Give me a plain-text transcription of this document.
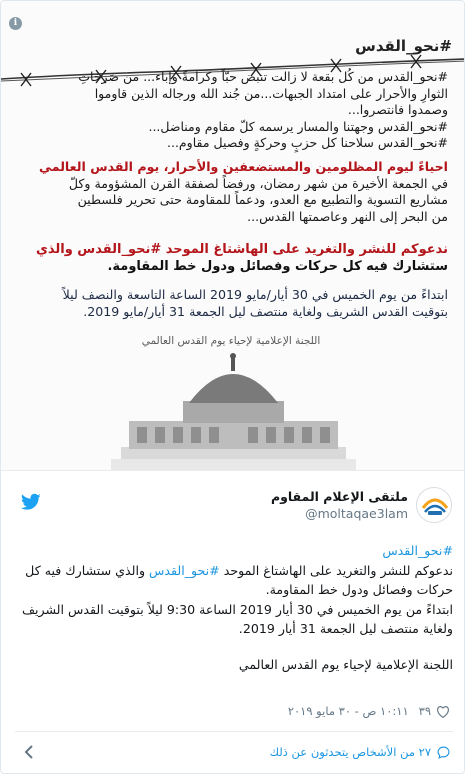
i
#نحو_القدس
#نحو_القدس من كُل بقعة لا زالت تنبض حبّاً وكرامةً وإباء... من صَرخاتِ
الثوارِ والأحرار على امتداد الجبهات...من جُند الله ورجاله الذين قاوموا
وصمدوا فانتصروا...
#نحو_القدس وجهتنا والمسار يرسمه كلّ مقاوم ومناضل...
#نحو_القدس سلاحنا كل حزبٍ وحركةٍ وفصيل مقاوم...
احياءً ليوم المظلومين والمستضعفين والأحرار، يوم القدس العالمي
في الجمعة الأخيرة من شهر رمضان، ورفضاً لصفقة القرن المشؤومة وكلّ
مشاريع التسوية والتطبيع مع العدو، ودعماً للمقاومة حتى تحرير فلسطين
من البحر إلى النهر وعاصمتها القدس...
ندعوكم للنشر والتغريد على الهاشتاغ الموحد #نحو_القدس والذي
ستشارك فيه كل حركات وفصائل ودول خط المقاومة.
ابتداءً من يوم الخميس في 30 أيار/مايو 2019 الساعة التاسعة والنصف ليلاً
بتوقيت القدس الشريف ولغاية منتصف ليل الجمعة 31 أيار/مايو 2019.
اللجنة الإعلامية لإحياء يوم القدس العالمي
ملتقى الإعلام المقاوم
@moltaqae3lam
#نحو_القدس
ندعوكم للنشر والتغريد على الهاشتاغ الموحد #نحو_القدس والذي ستشارك فيه كل حركات وفصائل ودول خط المقاومة.
ابتداءً من يوم الخميس في 30 أيار 2019 الساعة 9:30 ليلاً بتوقيت القدس الشريف ولغاية منتصف ليل الجمعة 31 أيار 2019.
اللجنة الإعلامية لإحياء يوم القدس العالمي
٣٩
١٠:١١ ص - ٣٠ مايو ٢٠١٩
٢٧ من الأشخاص يتحدثون عن ذلك
